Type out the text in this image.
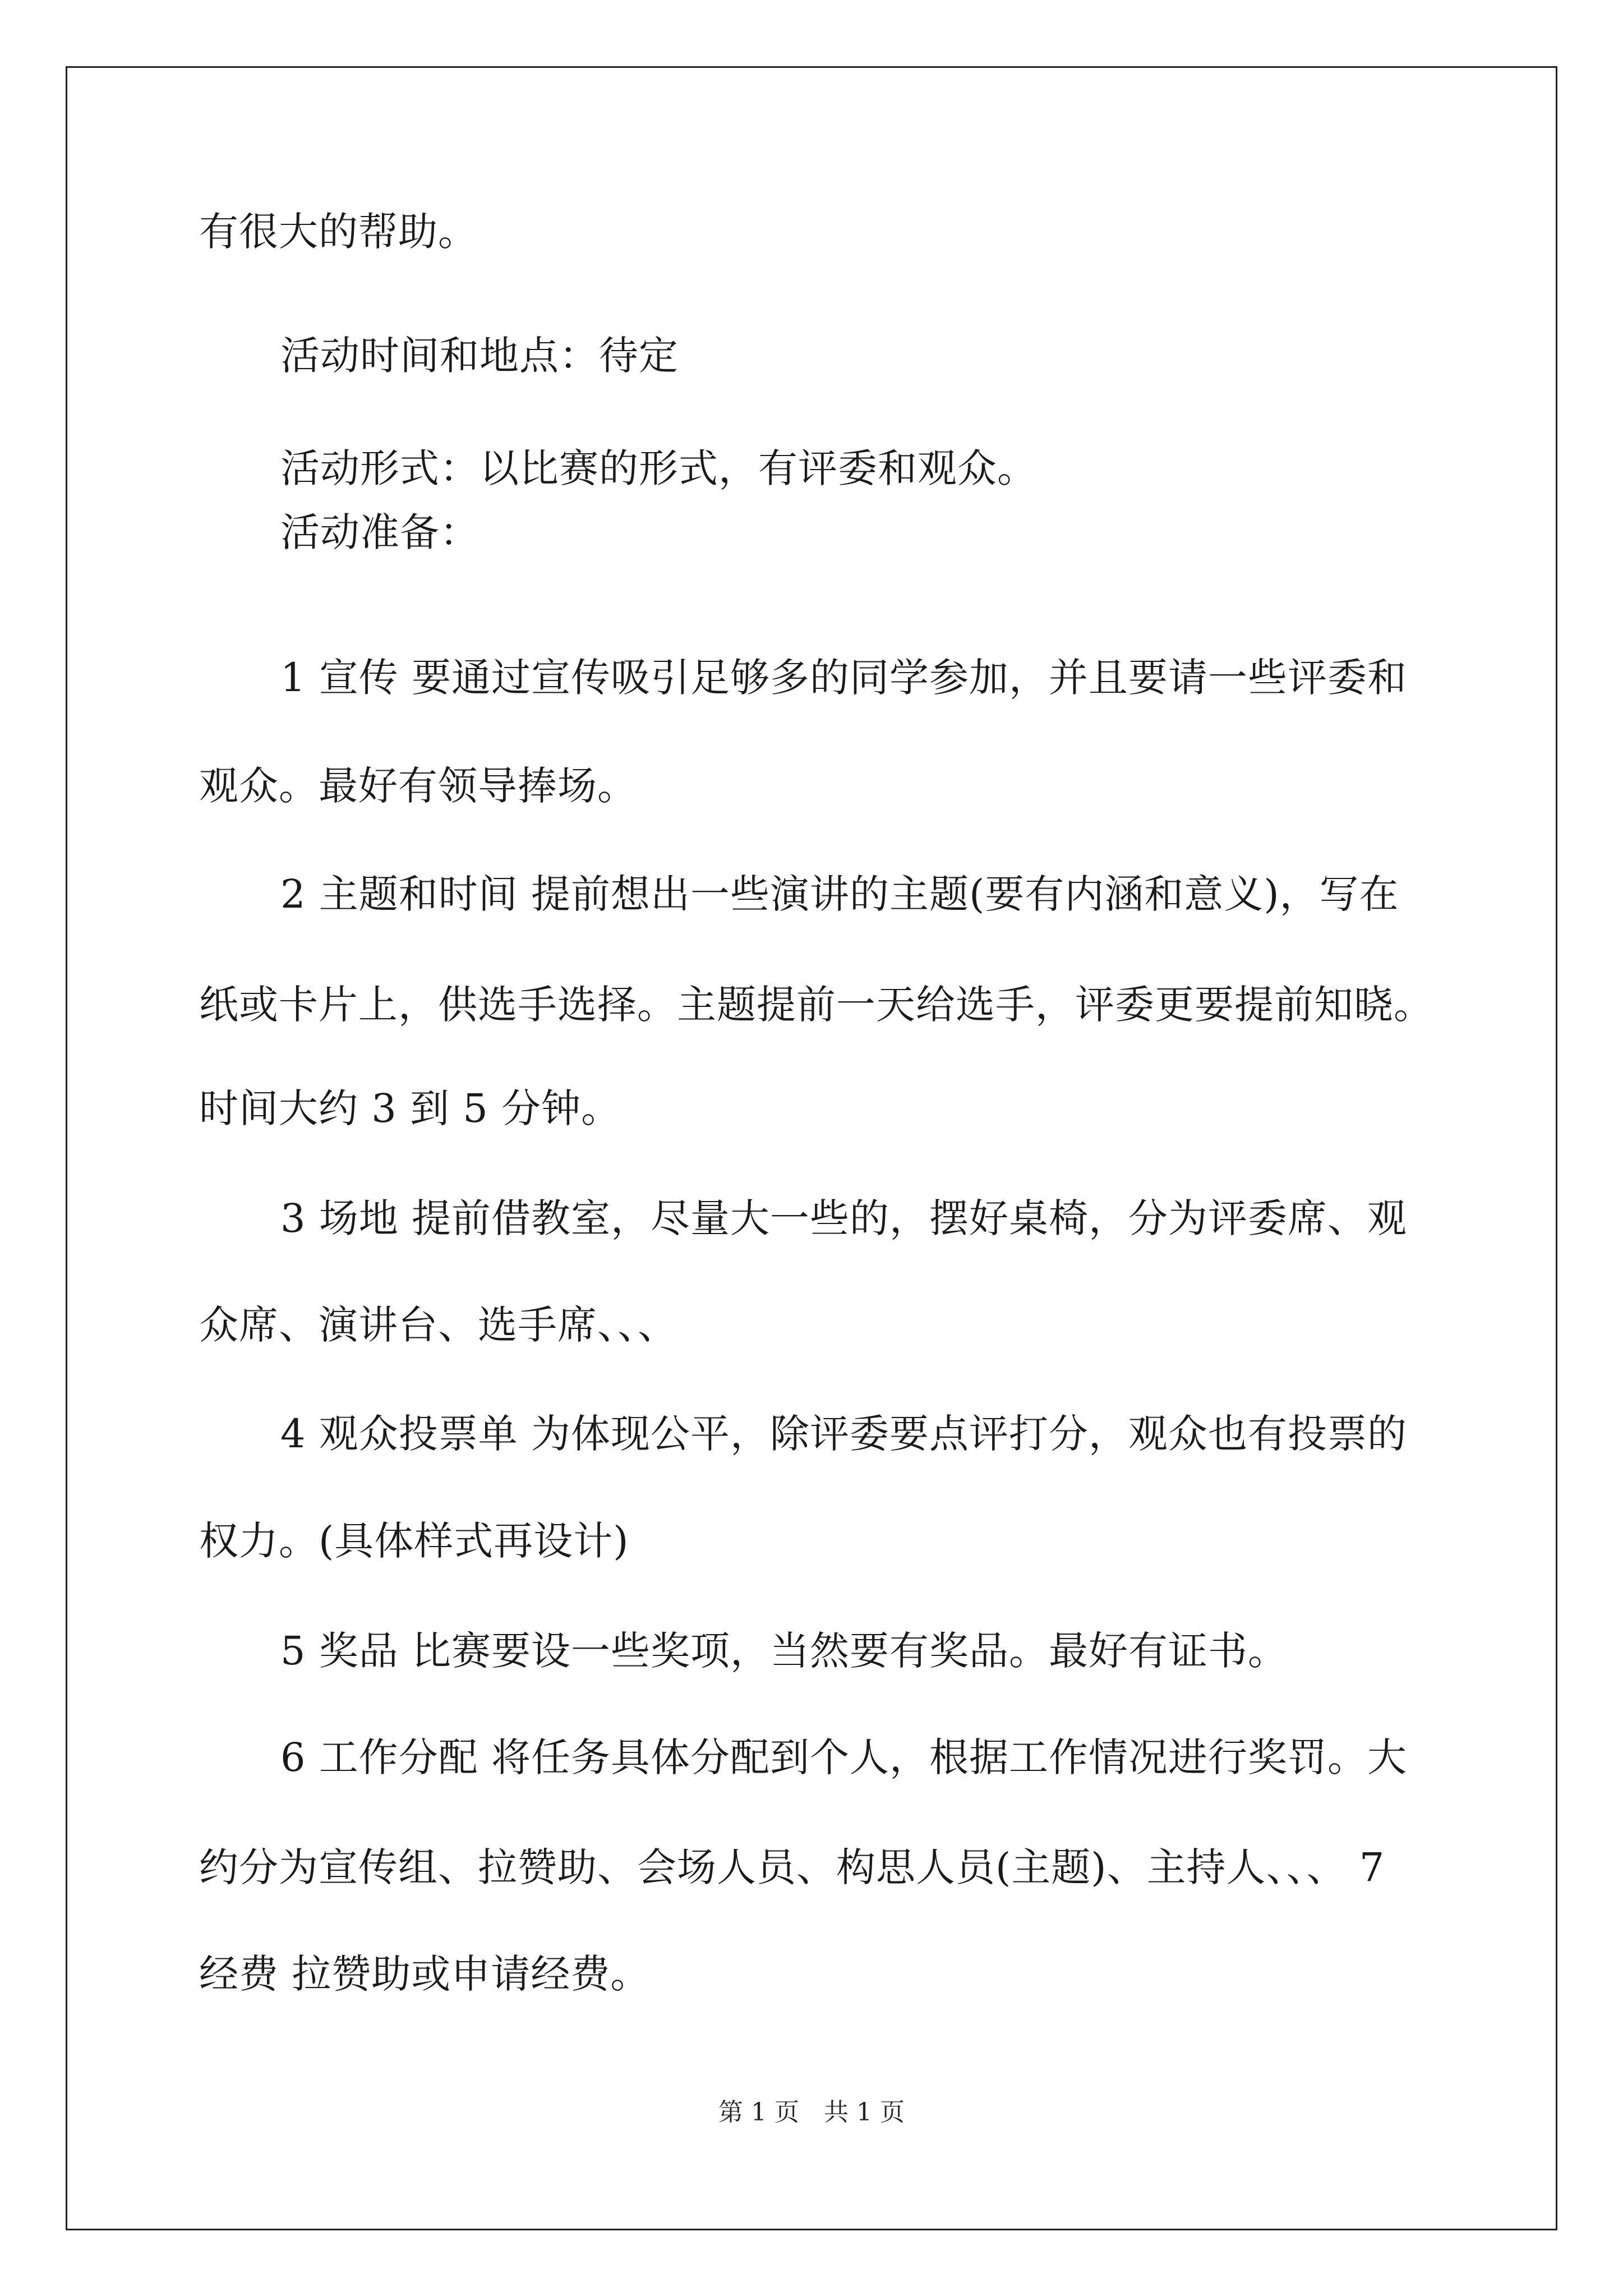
有很大的帮助。
活动时间和地点：待定
活动形式：以比赛的形式，有评委和观众。
活动准备：
1 宣传 要通过宣传吸引足够多的同学参加，并且要请一些评委和
观众。最好有领导捧场。
2 主题和时间 提前想出一些演讲的主题(要有内涵和意义)，写在
纸或卡片上，供选手选择。主题提前一天给选手，评委更要提前知晓。
时间大约 3 到 5 分钟。
3 场地 提前借教室，尽量大一些的，摆好桌椅，分为评委席、观
众席、演讲台、选手席、、、
4 观众投票单 为体现公平，除评委要点评打分，观众也有投票的
权力。(具体样式再设计)
5 奖品 比赛要设一些奖项，当然要有奖品。最好有证书。
6 工作分配 将任务具体分配到个人，根据工作情况进行奖罚。大
约分为宣传组、拉赞助、会场人员、构思人员(主题)、主持人、、、 7
经费 拉赞助或申请经费。
第 1 页　共 1 页
